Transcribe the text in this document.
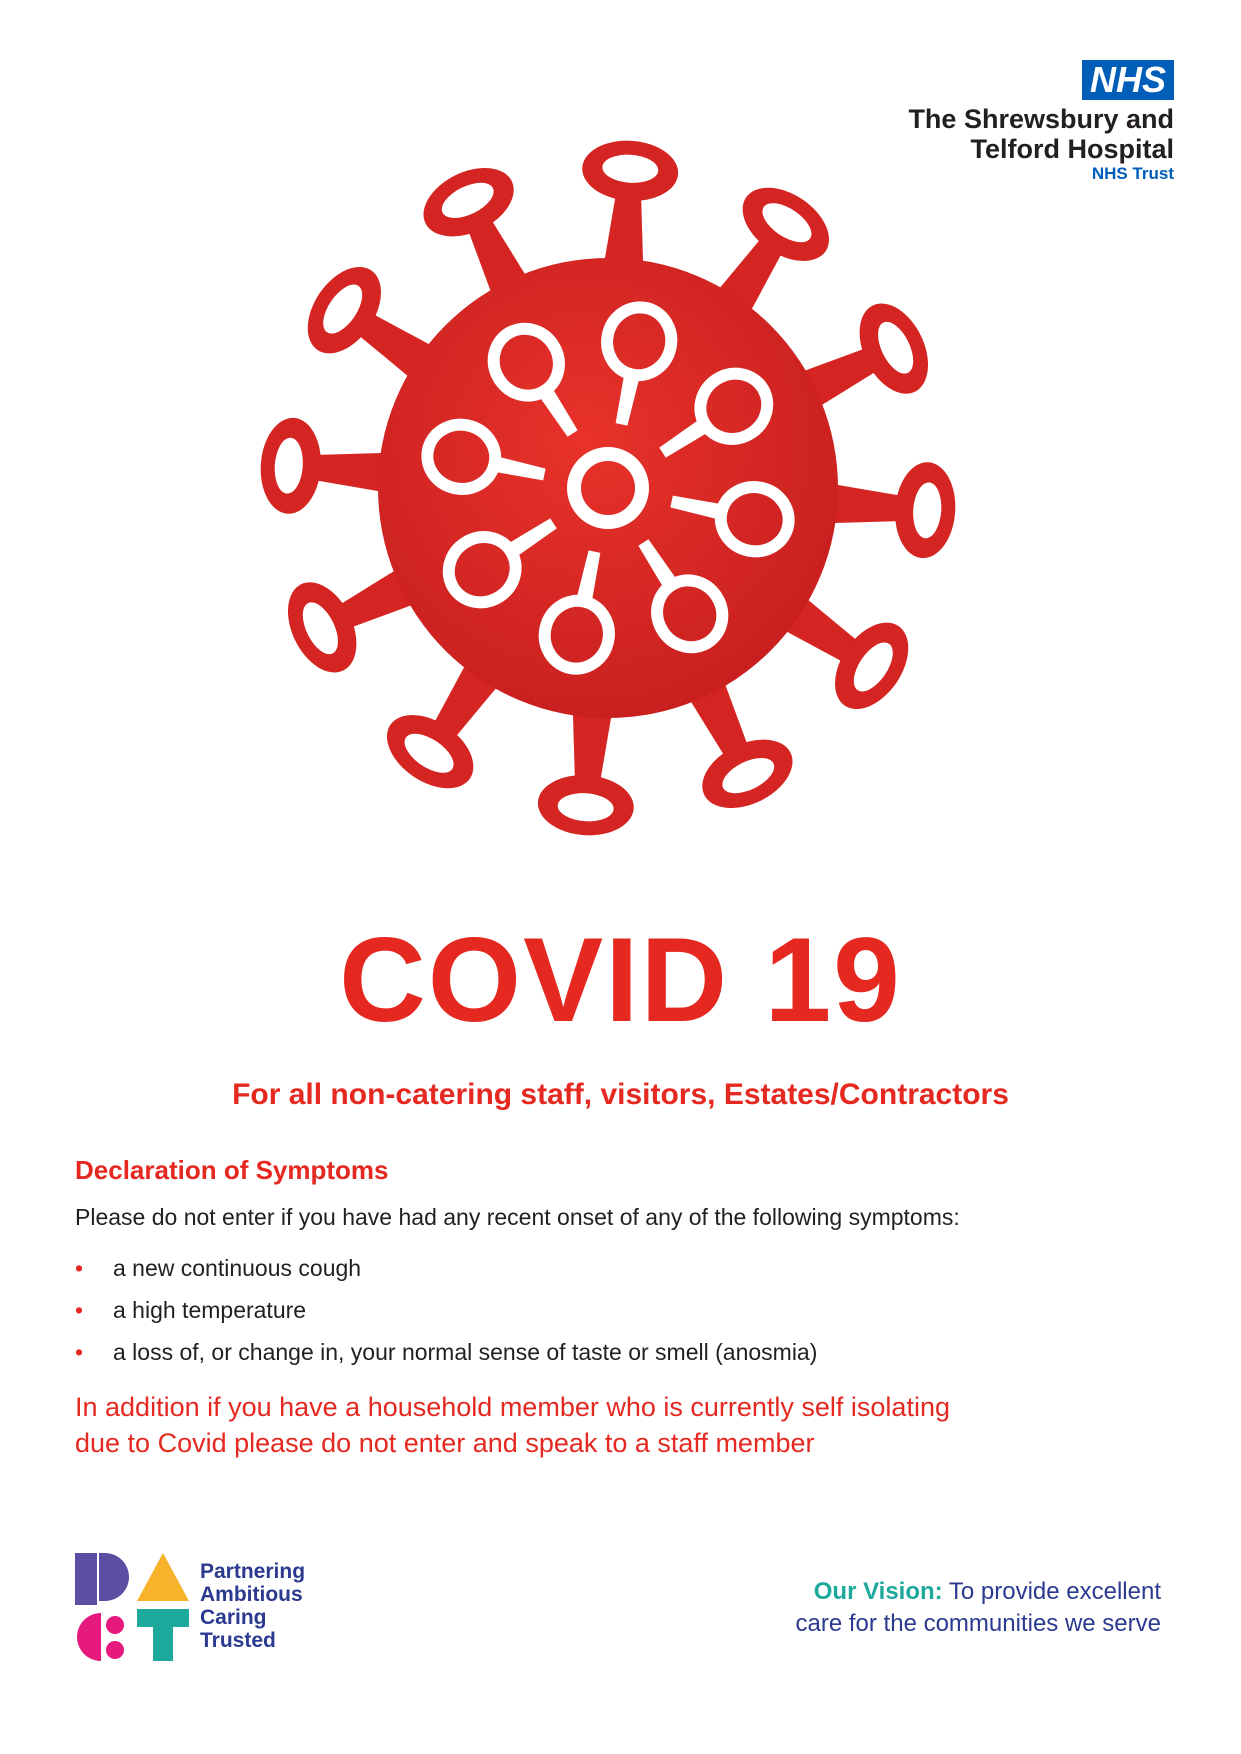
NHS
The Shrewsbury and
Telford Hospital
NHS Trust
COVID 19
For all non-catering staff, visitors, Estates/Contractors
Declaration of Symptoms
Please do not enter if you have had any recent onset of any of the following symptoms:
• a new continuous cough
• a high temperature
• a loss of, or change in, your normal sense of taste or smell (anosmia)
In addition if you have a household member who is currently self isolating
due to Covid please do not enter and speak to a staff member
Partnering
Ambitious
Caring
Trusted
Our Vision: To provide excellent
care for the communities we serve
